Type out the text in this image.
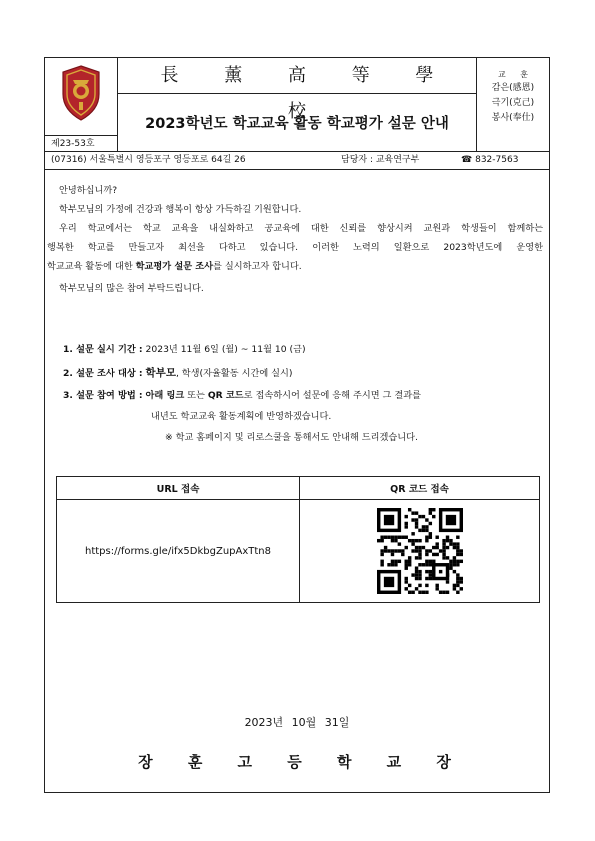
제23-53호
長 薰 高 等 學 校
2023학년도 학교교육 활동 학교평가 설문 안내
교 훈
감은(感恩)
극기(克己)
봉사(奉仕)
(07316) 서울특별시 영등포구 영등포로 64길 26	담당자 : 교육연구부	☎ 832-7563
안녕하십니까?
학부모님의 가정에 건강과 행복이 항상 가득하길 기원합니다.
우리 학교에서는 학교 교육을 내실화하고 공교육에 대한 신뢰를 향상시켜 교원과 학생들이 함께하는
행복한 학교를 만들고자 최선을 다하고 있습니다. 이러한 노력의 일환으로 2023학년도에 운영한
학교교육 활동에 대한 학교평가 설문 조사를 실시하고자 합니다.
학부모님의 많은 참여 부탁드립니다.
1. 설문 실시 기간 : 2023년 11월 6일 (월) ~ 11월 10 (금)
2. 설문 조사 대상 : 학부모, 학생(자율활동 시간에 실시)
3. 설문 참여 방법 : 아래 링크 또는 QR 코드로 접속하시어 설문에 응해 주시면 그 결과를
내년도 학교교육 활동계획에 반영하겠습니다.
※ 학교 홈페이지 및 리로스쿨을 통해서도 안내해 드리겠습니다.
URL 접속	QR 코드 접속
https://forms.gle/ifx5DkbgZupAxTtn8	
2023년 10월 31일
장 훈 고 등 학 교 장
